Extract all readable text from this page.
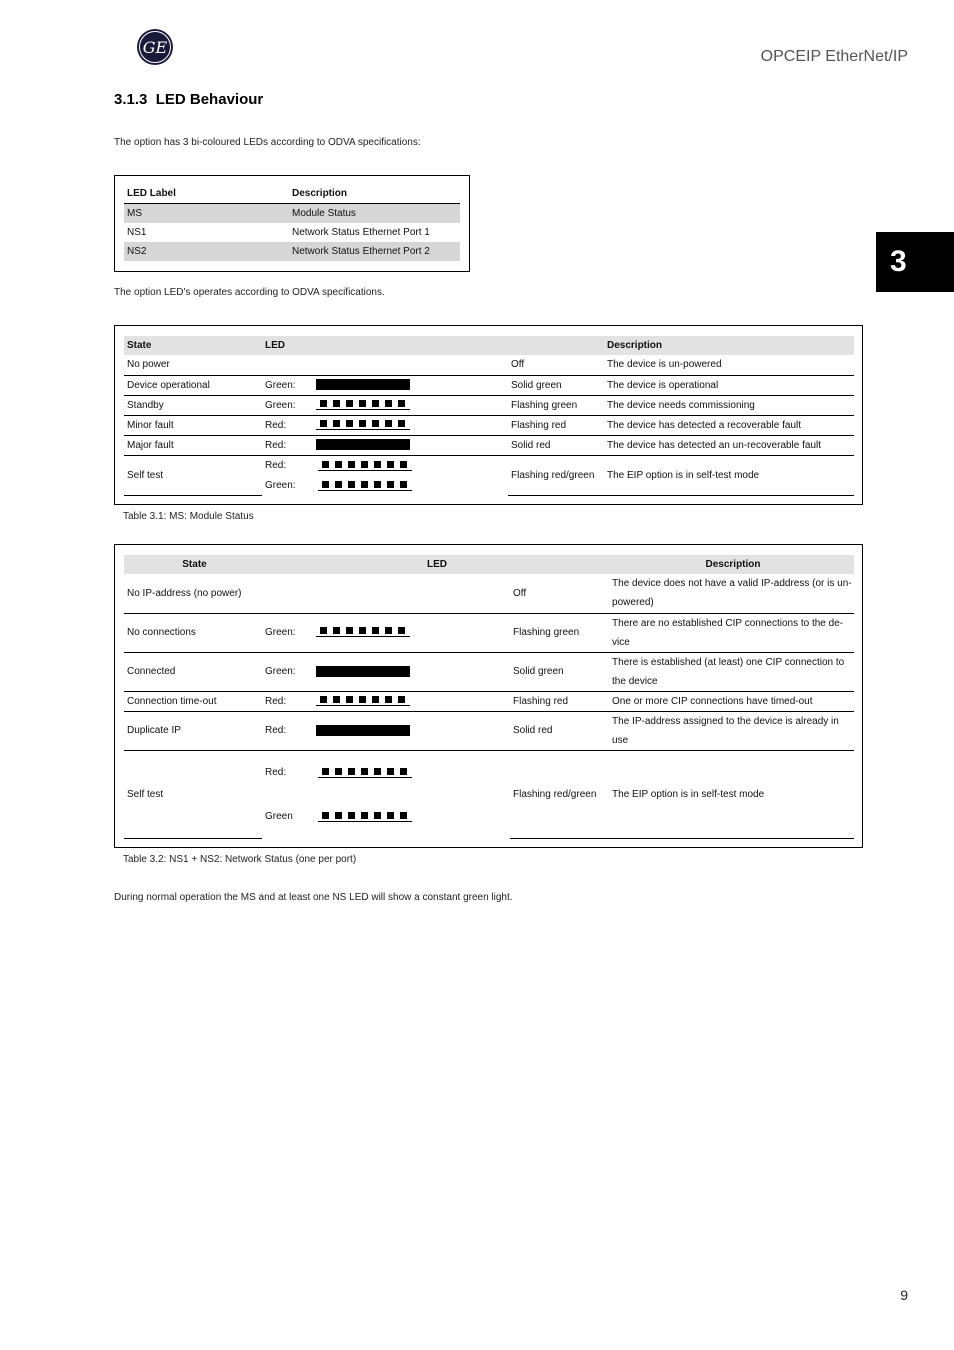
GE	OPCEIP EtherNet/IP
3
3.1.3 LED Behaviour
The option has 3 bi-coloured LEDs according to ODVA specifications:
LED Label	Description
MS	Module Status
NS1	Network Status Ethernet Port 1
NS2	Network Status Ethernet Port 2
The option LED's operates according to ODVA specifications.
State	LED			Description
No power			Off	The device is un-powered
Device operational	Green:		Solid green	The device is operational
Standby	Green:		Flashing green	The device needs commissioning
Minor fault	Red:		Flashing red	The device has detected a recoverable fault
Major fault	Red:		Solid red	The device has detected an un-recoverable fault
Self test	Red:
Green:		Flashing red/green	The EIP option is in self-test mode
Table 3.1: MS: Module Status
State	LED			Description
No IP-address (no power)			Off	The device does not have a valid IP-address (or is un-powered)
No connections	Green:		Flashing green	There are no established CIP connections to the de-vice
Connected	Green:		Solid green	There is established (at least) one CIP connection to the device
Connection time-out	Red:		Flashing red	One or more CIP connections have timed-out
Duplicate IP	Red:		Solid red	The IP-address assigned to the device is already in use
Self test	Red:
Green		Flashing red/green	The EIP option is in self-test mode
Table 3.2: NS1 + NS2: Network Status (one per port)
During normal operation the MS and at least one NS LED will show a constant green light.
9
